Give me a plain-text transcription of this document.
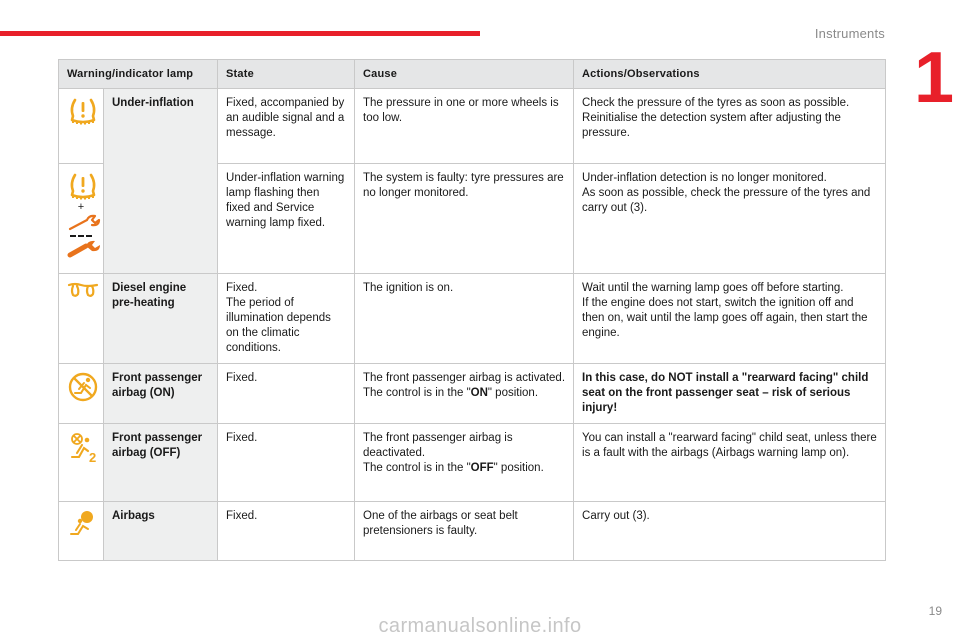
Instruments
1
Warning/indicator lamp		State	Cause	Actions/Observations

	Under-inflation	Fixed, accompanied by an audible signal and a message.	The pressure in one or more wheels is too low.	Check the pressure of the tyres as soon as possible.
Reinitialise the detection system after adjusting the pressure.

+		Under-inflation warning lamp flashing then fixed and Service warning lamp fixed.	The system is faulty: tyre pressures are no longer monitored.	Under-inflation detection is no longer monitored.
As soon as possible, check the pressure of the tyres and carry out (3).

	Diesel engine pre-heating	Fixed.
The period of illumination depends on the climatic conditions.	The ignition is on.	Wait until the warning lamp goes off before starting.
If the engine does not start, switch the ignition off and then on, wait until the lamp goes off again, then start the engine.

	Front passenger airbag (ON)	Fixed.	The front passenger airbag is activated.
The control is in the "ON" position.	In this case, do NOT install a "rearward facing" child seat on the front passenger seat – risk of serious injury!

2	Front passenger airbag (OFF)	Fixed.	The front passenger airbag is deactivated.
The control is in the "OFF" position.	You can install a "rearward facing" child seat, unless there is a fault with the airbags (Airbags warning lamp on).

	Airbags	Fixed.	One of the airbags or seat belt pretensioners is faulty.	Carry out (3).
19
carmanualsonline.info
